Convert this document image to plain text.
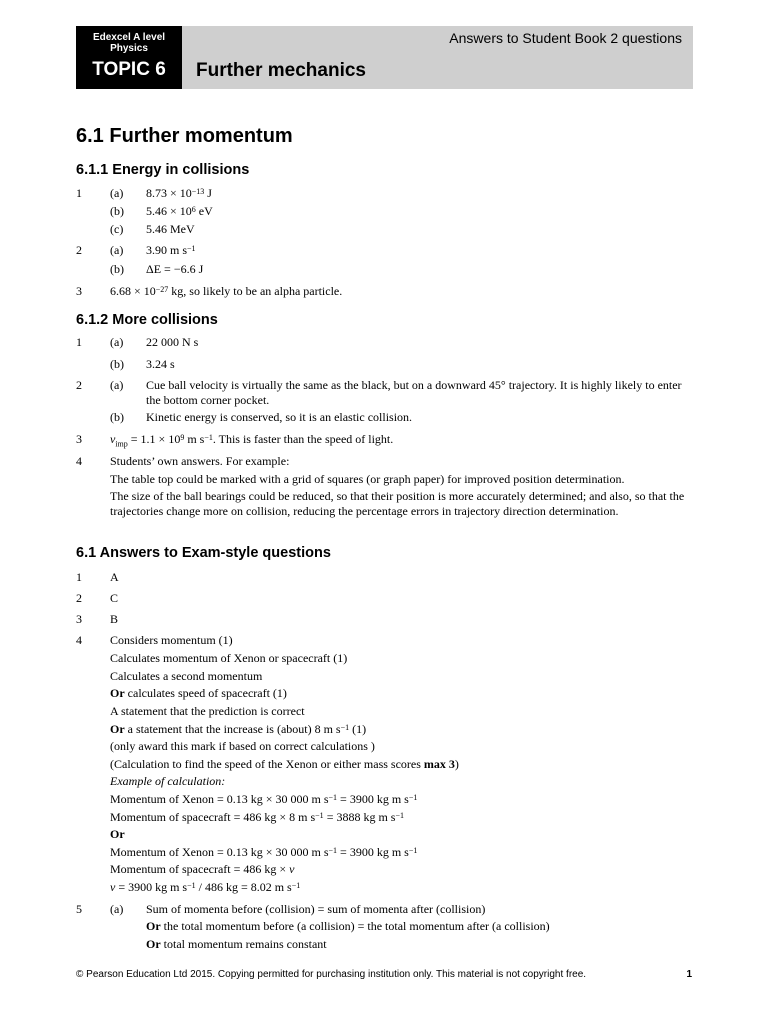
Edexcel A level Physics
TOPIC 6
Answers to Student Book 2 questions
Further mechanics
6.1 Further momentum
6.1.1 Energy in collisions
1 (a) $8.73 \times 10^{-13}$ J
(b) $5.46 \times 10^6$ eV
(c) 5.46 MeV
2 (a) 3.90 m $s^{-1}$
(b) ΔE = −6.6 J
3 $6.68 \times 10^{-27}$ kg, so likely to be an alpha particle.
6.1.2 More collisions
1 (a) 22 000 N s
(b) 3.24 s
2 (a) Cue ball velocity is virtually the same as the black, but on a downward 45° trajectory. It is highly likely to enter the bottom corner pocket.
(b) Kinetic energy is conserved, so it is an elastic collision.
3 $v_{imp} = 1.1 \times 10^9$ m $s^{-1}$. This is faster than the speed of light.
4 Students’ own answers. For example:
The table top could be marked with a grid of squares (or graph paper) for improved position determination.
The size of the ball bearings could be reduced, so that their position is more accurately determined; and also, so that the trajectories change more on collision, reducing the percentage errors in trajectory direction determination.
6.1 Answers to Exam-style questions
1 A
2 C
3 B
4 Considers momentum (1)
Calculates momentum of Xenon or spacecraft (1)
Calculates a second momentum
Or calculates speed of spacecraft (1)
A statement that the prediction is correct
Or a statement that the increase is (about) 8 m $s^{-1}$ (1)
(only award this mark if based on correct calculations )
(Calculation to find the speed of the Xenon or either mass scores max 3)
Example of calculation:
Momentum of Xenon = 0.13 kg × 30 000 m $s^{-1} = 3900$ kg m $s^{-1}$
Momentum of spacecraft = 486 kg × 8 m $s^{-1} = 3888$ kg m $s^{-1}$
Or
Momentum of Xenon = 0.13 kg × 30 000 m $s^{-1} = 3900$ kg m $s^{-1}$
Momentum of spacecraft = 486 kg × v
v = 3900 kg m $s^{-1} / 486$ kg = 8.02 m $s^{-1}$
5 (a) Sum of momenta before (collision) = sum of momenta after (collision)
Or the total momentum before (a collision) = the total momentum after (a collision)
Or total momentum remains constant
© Pearson Education Ltd 2015. Copying permitted for purchasing institution only. This material is not copyright free.	1
